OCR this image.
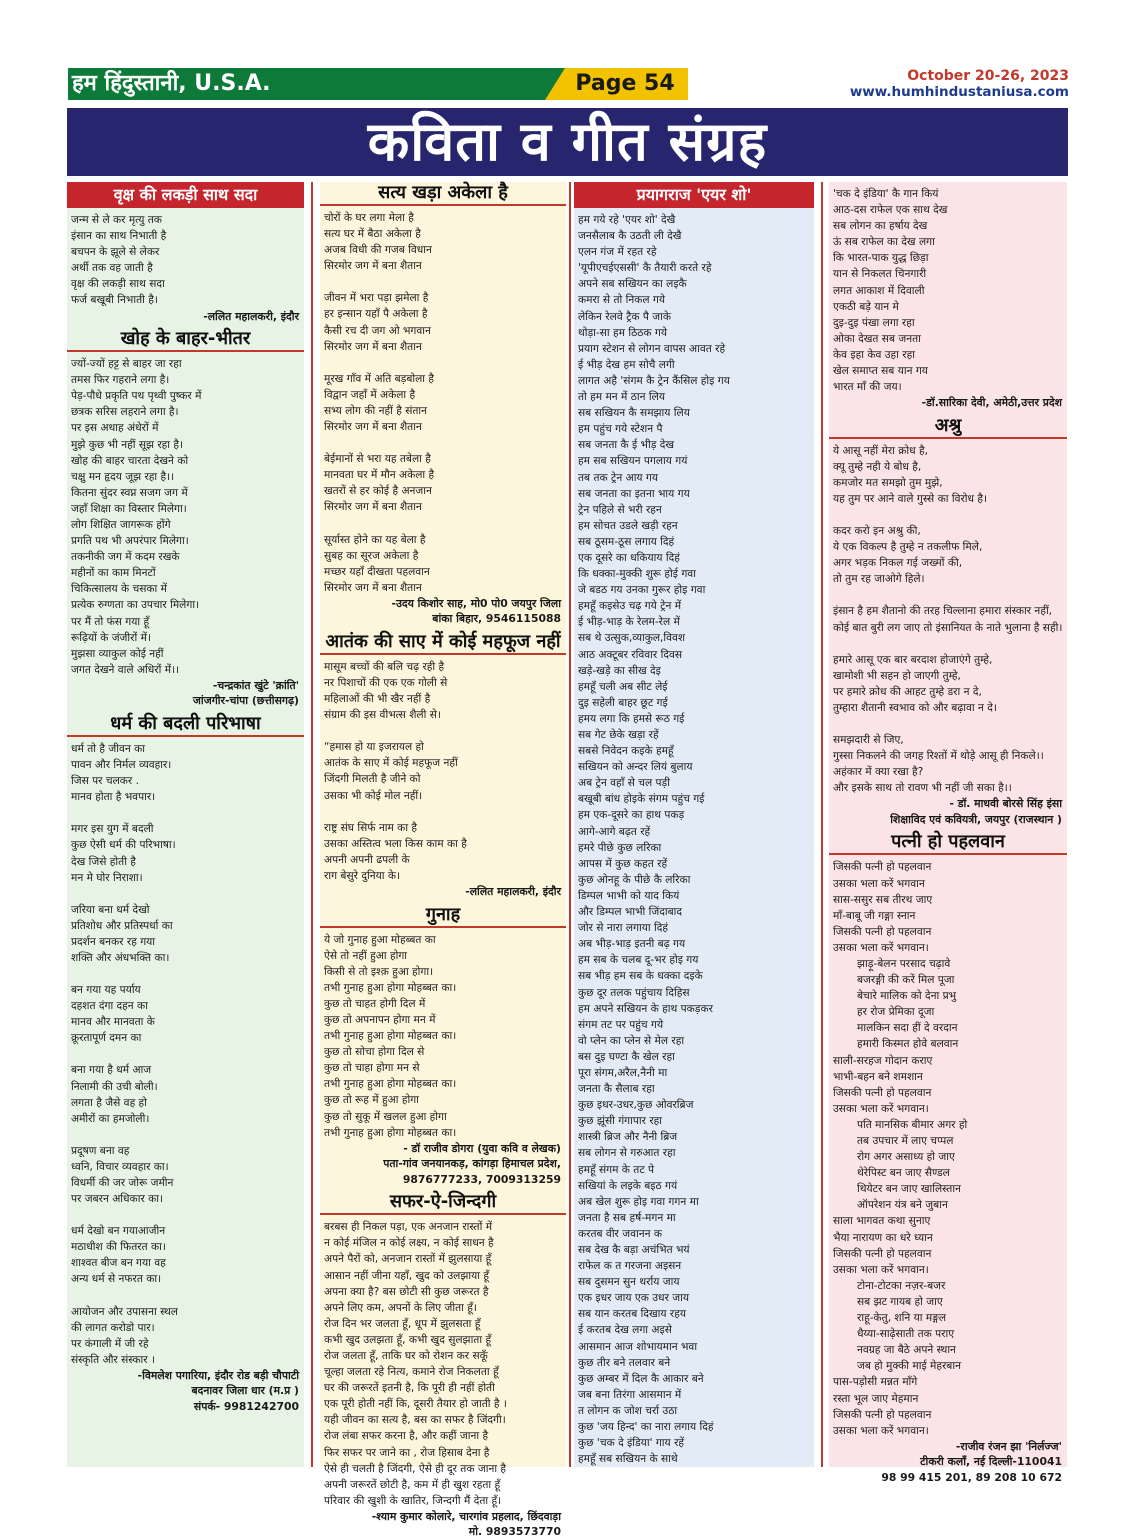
हम हिंदुस्तानी, U.S.A.	Page 54	October 20-26, 2023
www.humhindustaniusa.com
कविता व गीत संग्रह
वृक्ष की लकड़ी साथ सदा
जन्म से ले कर मृत्यु तक
इंसान का साथ निभाती है
बचपन के झूले से लेकर
अर्थी तक वह जाती है
वृक्ष की लकड़ी साथ सदा
फर्ज बखूबी निभाती है।
-ललित महालकरी, इंदौर
खोह के बाहर-भीतर
ज्यों-ज्यों हट्ट से बाहर जा रहा
तमस फिर गहराने लगा है।
पेड़-पौधे प्रकृति पथ पृथ्वी पुष्कर में
छत्रक सरिस लहराने लगा है।
पर इस अथाह अंधेरों में
मुझे कुछ भी नहीं सूझ रहा है।
खोह की बाहर चारता देखने को
चक्षु मन हृदय जूझ रहा है।।
कितना सुंदर स्वप्न सजग जग में
जहाँ शिक्षा का विस्तार मिलेगा।
लोग शिक्षित जागरूक होंगे
प्रगति पथ भी अपरंपार मिलेगा।
तकनीकी जग में कदम रखके
महीनों का काम मिनटों
चिकित्सालय के चसका में
प्रत्येक रुग्णता का उपचार मिलेगा।
पर मैं तो फंस गया हूँ
रूढ़ियों के जंजीरों में।
मुझसा व्याकुल कोई नहीं
जगत देखने वाले अधिरों में।।
-चन्द्रकांत खुंटे 'क्रांति'
जांजगीर-चांपा (छत्तीसगढ़)
धर्म की बदली परिभाषा
धर्म तो है जीवन का
पावन और निर्मल व्यवहार।
जिस पर चलकर .
मानव होता है भवपार।
मगर इस युग में बदली
कुछ ऐसी धर्म की परिभाषा।
देख जिसे होती है
मन मे घोर निराशा।
जरिया बना धर्म देखो
प्रतिशोध और प्रतिस्पर्धा का
प्रदर्शन बनकर रह गया
शक्ति और अंधभक्ति का।
बन गया यह पर्याय
दहशत दंगा दहन का
मानव और मानवता के
क्रूरतापूर्ण दमन का
बना गया है धर्म आज
निलामी की उची बोली।
लगता है जैसे वह हो
अमीरों का हमजोली।
प्रदूषण बना वह
ध्वनि, विचार व्यवहार का।
विधर्मी की जर जोरू जमीन
पर जबरन अधिकार का।
धर्म देखो बन गयाआजीन
मठाधीश की फितरत का।
शाश्वत बीज बन गया वह
अन्य धर्म से नफरत का।
आयोजन और उपासना स्थल
की लागत करोडो पार।
पर कंगाली में जी रहे
संस्कृति और संस्कार ।
-विमलेश पगारिया, इंदौर रोड बड़ी चौपाटी
बदनावर जिला धार (म.प्र )
संपर्क- 9981242700
सत्य खड़ा अकेला है
चोरों के घर लगा मेला है
सत्य घर में बैठा अकेला है
अजब विधी की गजब विधान
सिरमोर जग में बना शैतान
जीवन में भरा पड़ा झमेला है
हर इन्सान यहाँ पै अकेला है
कैसी रच दी जग ओ भगवान
सिरमोर जग में बना शैतान
मूरख गाँव में अति बड़बोला है
विद्वान जहाँ में अकेला है
सभ्य लोग की नहीं है संतान
सिरमोर जग में बना शैतान
बेईमानों से भरा यह तबेला है
मानवता घर में मौन अकेला है
खतरों से हर कोई है अनजान
सिरमोर जग में बना शैतान
सूर्यास्त होने का यह बेला है
सुबह का सूरज अकेला है
मच्छर यहाँ दीखता पहलवान
सिरमोर जग में बना शैतान
-उदय किशोर साह, मो0 पो0 जयपुर जिला
बांका बिहार, 9546115088
आतंक की साए में कोई महफूज नहीं
मासूम बच्चों की बलि चढ़ रही है
नर पिशाचों की एक एक गोली से
महिलाओं की भी खैर नहीं है
संग्राम की इस वीभत्स शैली से।
“हमास हो या इजरायल हो
आतंक के साए में कोई महफूज नहीं
जिंदगी मिलती है जीने को
उसका भी कोई मोल नहीं।
राष्ट्र संघ सिर्फ नाम का है
उसका अस्तित्व भला किस काम का है
अपनी अपनी ढपली के
राग बेसुरे दुनिया के।
-ललित महालकरी, इंदौर
गुनाह
ये जो गुनाह हुआ मोहब्बत का
ऐसे तो नहीं हुआ होगा
किसी से तो इश्क़ हुआ होगा।
तभी गुनाह हुआ होगा मोहब्बत का।
कुछ तो चाहत होगी दिल में
कुछ तो अपनापन होगा मन में
तभी गुनाह हुआ होगा मोहब्बत का।
कुछ तो सोचा होगा दिल से
कुछ तो चाहा होगा मन से
तभी गुनाह हुआ होगा मोहब्बत का।
कुछ तो रूह में हुआ होगा
कुछ तो सुकू में खलल हुआ होगा
तभी गुनाह हुआ होगा मोहब्बत का।
- डॉ राजीव डोगरा (युवा कवि व लेखक)
पता-गांव जनयानकड़, कांगड़ा हिमाचल प्रदेश,
9876777233, 7009313259
सफर-ऐ-जिन्दगी
बरबस ही निकल पड़ा, एक अनजान रास्तों में
न कोई मंजिल न कोई लक्ष्य, न कोई साधन है
अपने पैरों को, अनजान रास्तों में झुलसाया हूँ
आसान नहीं जीना यहाँ, खुद को उलझाया हूँ
अपना क्या है? बस छोटी सी कुछ जरूरत है
अपने लिए कम, अपनों के लिए जीता हूँ।
रोज दिन भर जलता हूँ, धूप में झुलसता हूँ
कभी खुद उलझता हूँ, कभी खुद सुलझाता हूँ
रोज जलता हूँ, ताकि घर को रोशन कर सकूँ
चूल्हा जलता रहे नित्य, कमाने रोज निकलता हूँ
घर की जरूरतें इतनी है, कि पूरी ही नहीं होती
एक पूरी होती नहीं कि, दूसरी तैयार हो जाती है ।
यही जीवन का सत्य है, बस का सफर है जिंदगी।
रोज लंबा सफर करना है, और कहीं जाना है
फिर सफर पर जाने का , रोज हिसाब देना है
ऐसे ही चलती है जिंदगी, ऐसे ही दूर तक जाना है
अपनी जरूरतें छोटी है, कम में ही खुश रहता हूँ
परिवार की खुशी के खातिर, जिन्दगी मैं देता हूँ।
-श्याम कुमार कोलारे, चारगांव प्रहलाद, छिंदवाड़ा
मो. 9893573770
प्रयागराज 'एयर शो'
हम गये रहे 'एयर शो' देखै
जनसैलाब कै उठती ली देखै
एलन गंज में रहत रहे
'यूपीएचईएससी' कै तैयारी करते रहे
अपने सब सखियन का लइकै
कमरा से तो निकल गये
लेकिन रेलवे ट्रैक पै जाके
थोड़ा-सा हम ठिठक गये
प्रयाग स्टेशन से लोगन वापस आवत रहे
ई भीड़ देख हम सोचै लगी
लागत अहै 'संगम कै ट्रेन कैंसिल होइ गय
तो हम मन में ठान लिय
सब सखियन कै समझाय लिय
हम पहुंच गये स्टेशन पै
सब जनता कै ई भीड़ देख
हम सब सखियन पगलाय गयं
तब तक ट्रेन आय गय
सब जनता का इतना भाय गय
ट्रेन पहिले से भरी रहन
हम सोचत उडले खड़ी रहन
सब ठूसम-ठूस लगाय दिहं
एक दूसरे का धकियाय दिहं
कि धक्का-मुक्की शुरू होई गवा
जे बडठ गय उनका गुरूर होइ गवा
हमहूँ कइसेउ चढ़ गये ट्रेन में
ई भीड़-भाड़ के रेलम-रेल में
सब थे उत्सुक,व्याकुल,विवश
आठ अक्टूबर रविवार दिवस
खड़े-खड़े का सीख देइ
हमहूँ चली अब सीट लेई
दुइ सहेली बाहर छूट गई
हमय लगा कि हमसे रूठ गई
सब गेट छेके खड़ा रहें
सबसे निवेदन कइके हमहूँ
सखियन को अन्दर लियं बुलाय
अब ट्रेन वहाँ से चल पड़ी
बखूबी बांध होइके संगम पहुंच गई
हम एक-दूसरे का हाथ पकड़
आगे-आगे बढ़त रहें
हमरे पीछे कुछ लरिका
आपस में कुछ कहत रहें
कुछ ओनहू के पीछे कै लरिका
डिम्पल भाभी को याद कियं
और डिम्पल भाभी जिंदाबाद
जोर से नारा लगाया दिहं
अब भीड़-भाड़ इतनी बढ़ गय
हम सब के चलब दू-भर होइ गय
सब भीड़ हम सब के धक्का दइके
कुछ दूर तलक पहुंचाय दिहिस
हम अपने सखियन के हाथ पकड़कर
संगम तट पर पहुंच गये
वो प्लेन का प्लेन से मेल रहा
बस दुइ घण्टा कै खेल रहा
पूरा संगम,अरैल,नैनी मा
जनता कै सैलाब रहा
कुछ इधर-उधर,कुछ ओवरब्रिज
कुछ झूंसी गंगापार रहा
शास्त्री ब्रिज और नैनी ब्रिज
सब लोगन से गरुआत रहा
हमहूँ संगम के तट पे
सखियां के लइके बइठ गयं
अब खेल शुरू होइ गवा गगन मा
जनता है सब हर्ष-मगन मा
करतब वीर जवानन क
सब देख कै बड़ा अचंभित भयं
राफेल क त गरजना अइसन
सब दुसमन सुन थर्राय जाय
एक इधर जाय एक उधर जाय
सब यान करतब दिखाय रहय
ई करतब देख लगा अइसे
आसमान आज शोभायमान भवा
कुछ तीर बने तलवार बने
कुछ अम्बर में दिल कै आकार बने
जब बना तिरंगा आसमान में
त लोगन क जोश चर्रा उठा
कुछ 'जय हिन्द' का नारा लगाय दिहं
कुछ 'चक दे इंडिया' गाय रहें
हमहूँ सब सखियन के साथे
'चक दे इंडिया' कै गान कियं
आठ-दस राफेल एक साथ देख
सब लोगन का हर्षाय देख
ऊं सब राफेल का देख लगा
कि भारत-पाक युद्ध छिड़ा
यान से निकलत चिनगारी
लगत आकाश में दिवाली
एकठी बड़े यान मे
दुइ-दुइ पंखा लगा रहा
ओका देखत सब जनता
केव इहा केव उहा रहा
खेल समाप्त सब यान गय
भारत माँ की जय।
-डॉ.सारिका देवी, अमेठी,उत्तर प्रदेश
अश्रु
ये आसू नहीं मेरा क्रोध है,
क्यू तुम्हे नही ये बोध है,
कमजोर मत समझो तुम मुझे,
यह तुम पर आने वाले गुस्से का विरोध है।
कदर करो इन अश्रु की,
ये एक विकल्प है तुम्हे न तकलीफ मिले,
अगर भड़क निकल गई जख्मों की,
तो तुम रह जाओगे हिले।
इंसान है हम शैतानो की तरह चिल्लाना हमारा संस्कार नहीं,
कोई बात बुरी लग जाए तो इंसानियत के नाते भुलाना है सही।
हमारे आसू एक बार बरदाश होजाएंगे तुम्हे,
खामोशी भी सहन हो जाएगी तुम्हे,
पर हमारे क्रोध की आहट तुम्हे डरा न दे,
तुम्हारा शैतानी स्वभाव को और बढ़ावा न दे।
समझदारी से जिए,
गुस्सा निकलने की जगह रिश्तों में थोड़े आसू ही निकले।।
अहंकार में क्या रखा है?
और इसके साथ तो रावण भी नहीं जी सका है।।
- डॉ. माधवी बोरसे सिंह इंसा
शिक्षाविद एवं कवियत्री, जयपुर (राजस्थान )
पत्नी हो पहलवान
जिसकी पत्नी हो पहलवान
उसका भला करें भगवान
सास-ससुर सब तीरथ जाए
माँ-बाबू जी गङ्गा स्नान
जिसकी पत्नी हो पहलवान
उसका भला करें भगवान।
झाड़ू-बेलन परसाद चढ़ावे
बजरङ्गी की करें मिल पूजा
बेचारे मालिक को देना प्रभु
हर रोज प्रेमिका दूजा
मालकिन सदा हीं दे वरदान
हमारी किस्मत होवे बलवान
साली-सरहज गोदान कराए
भाभी-बहन बने शमशान
जिसकी पत्नी हो पहलवान
उसका भला करें भगवान।
पति मानसिक बीमार अगर हो
तब उपचार में लाए चप्पल
रोग अगर असाध्य हो जाए
थेरेपिस्ट बन जाए सैण्डल
थियेटर बन जाए खालिस्तान
ऑपरेशन यंत्र बने जुबान
साला भागवत कथा सुनाए
भैया नारायण का धरे ध्यान
जिसकी पत्नी हो पहलवान
उसका भला करें भगवान।
टोना-टोटका नज़र-बजर
सब झट गायब हो जाए
राहू-केतु, शनि या मङ्गल
धैय्या-साढ़ेसाती तक पराए
नवग्रह जा बैठे अपने स्थान
जब हो मुक्की माई मेहरबान
पास-पड़ोसी मन्नत माँगे
रस्ता भूल जाए मेहमान
जिसकी पत्नी हो पहलवान
उसका भला करें भगवान।
-राजीव रंजन झा 'निर्लज्ज'
टीकरी कलाँ, नई दिल्ली-110041
98 99 415 201, 89 208 10 672
